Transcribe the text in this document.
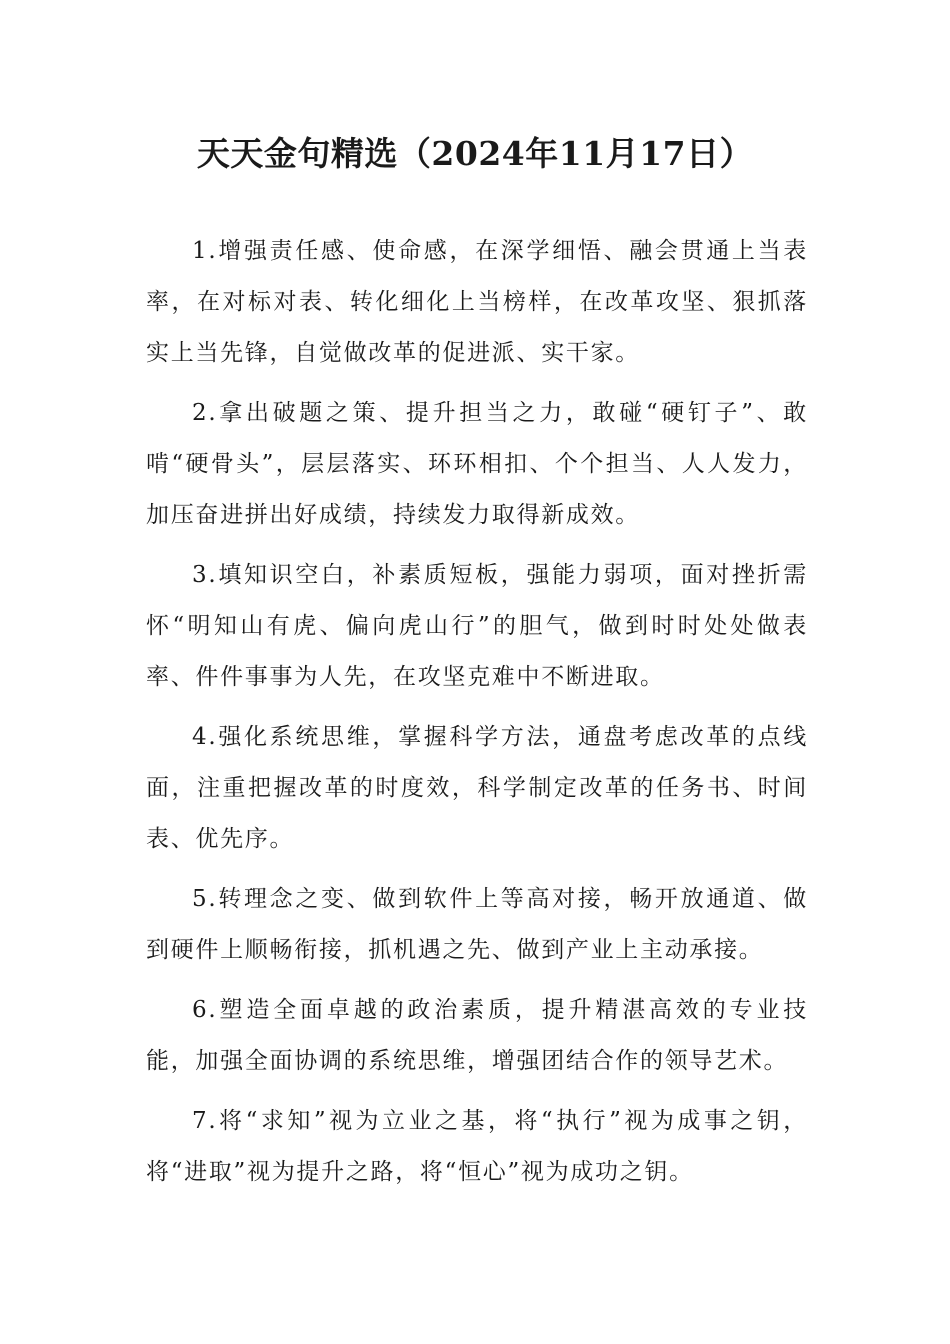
天天金句精选（2024年11月17日）

1.增强责任感、使命感，在深学细悟、融会贯通上当表率，在对标对表、转化细化上当榜样，在改革攻坚、狠抓落实上当先锋，自觉做改革的促进派、实干家。

2.拿出破题之策、提升担当之力，敢碰“硬钉子”、敢啃“硬骨头”，层层落实、环环相扣、个个担当、人人发力，加压奋进拼出好成绩，持续发力取得新成效。

3.填知识空白，补素质短板，强能力弱项，面对挫折需怀“明知山有虎、偏向虎山行”的胆气，做到时时处处做表率、件件事事为人先，在攻坚克难中不断进取。

4.强化系统思维，掌握科学方法，通盘考虑改革的点线面，注重把握改革的时度效，科学制定改革的任务书、时间表、优先序。

5.转理念之变、做到软件上等高对接，畅开放通道、做到硬件上顺畅衔接，抓机遇之先、做到产业上主动承接。

6.塑造全面卓越的政治素质，提升精湛高效的专业技能，加强全面协调的系统思维，增强团结合作的领导艺术。

7.将“求知”视为立业之基，将“执行”视为成事之钥，将“进取”视为提升之路，将“恒心”视为成功之钥。
